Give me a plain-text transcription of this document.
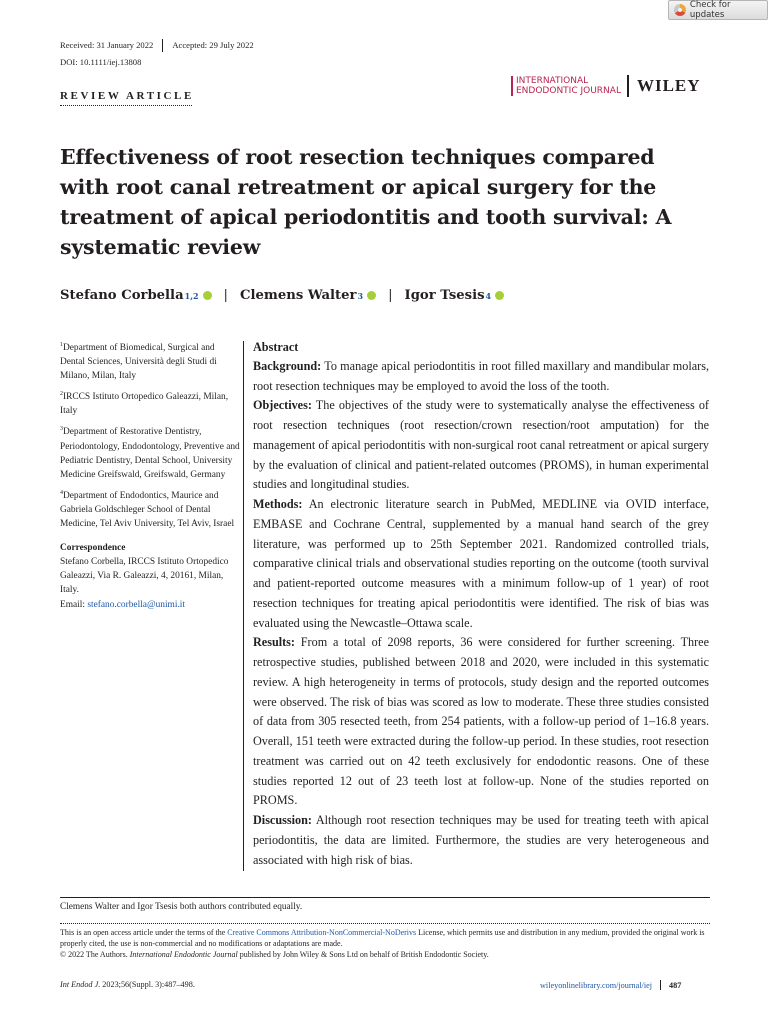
Check for updates
Received: 31 January 2022 Accepted: 29 July 2022
DOI: 10.1111/iej.13808
REVIEW ARTICLE
INTERNATIONAL
ENDODONTIC JOURNAL WILEY
Effectiveness of root resection techniques compared with root canal retreatment or apical surgery for the treatment of apical periodontitis and tooth survival: A systematic review
Stefano Corbella 1,2 | Clemens Walter 3 | Igor Tsesis 4
$^1$Department of Biomedical, Surgical and Dental Sciences, Università degli Studi di Milano, Milan, Italy
$^2$IRCCS Istituto Ortopedico Galeazzi, Milan, Italy
$^3$Department of Restorative Dentistry, Periodontology, Endodontology, Preventive and Pediatric Dentistry, Dental School, University Medicine Greifswald, Greifswald, Germany
$^4$Department of Endodontics, Maurice and Gabriela Goldschleger School of Dental Medicine, Tel Aviv University, Tel Aviv, Israel
Correspondence
Stefano Corbella, IRCCS Istituto Ortopedico Galeazzi, Via R. Galeazzi, 4, 20161, Milan, Italy.
Email: stefano.corbella@unimi.it
Abstract
Background: To manage apical periodontitis in root filled maxillary and mandibular molars, root resection techniques may be employed to avoid the loss of the tooth.
Objectives: The objectives of the study were to systematically analyse the effectiveness of root resection techniques (root resection/crown resection/root amputation) for the management of apical periodontitis with non-surgical root canal retreatment or apical surgery by the evaluation of clinical and patient-related outcomes (PROMS), in human experimental studies and longitudinal studies.
Methods: An electronic literature search in PubMed, MEDLINE via OVID interface, EMBASE and Cochrane Central, supplemented by a manual hand search of the grey literature, was performed up to 25th September 2021. Randomized controlled trials, comparative clinical trials and observational studies reporting on the outcome (tooth survival and patient-reported outcome measures with a minimum follow-up of 1 year) of root resection techniques for treating apical periodontitis were identified. The risk of bias was evaluated using the Newcastle–Ottawa scale.
Results: From a total of 2098 reports, 36 were considered for further screening. Three retrospective studies, published between 2018 and 2020, were included in this systematic review. A high heterogeneity in terms of protocols, study design and the reported outcomes were observed. The risk of bias was scored as low to moderate. These three studies consisted of data from 305 resected teeth, from 254 patients, with a follow-up period of 1–16.8 years. Overall, 151 teeth were extracted during the follow-up period. In these studies, root resection treatment was carried out on 42 teeth exclusively for endodontic reasons. One of these studies reported 12 out of 23 teeth lost at follow-up. None of the studies reported on PROMS.
Discussion: Although root resection techniques may be used for treating teeth with apical periodontitis, the data are limited. Furthermore, the studies are very heterogeneous and associated with high risk of bias.
Clemens Walter and Igor Tsesis both authors contributed equally.
This is an open access article under the terms of the Creative Commons Attribution-NonCommercial-NoDerivs License, which permits use and distribution in any medium, provided the original work is properly cited, the use is non-commercial and no modifications or adaptations are made.
© 2022 The Authors. International Endodontic Journal published by John Wiley & Sons Ltd on behalf of British Endodontic Society.
Int Endod J. 2023;56(Suppl. 3):487–498.	wileyonlinelibrary.com/journal/iej 487
